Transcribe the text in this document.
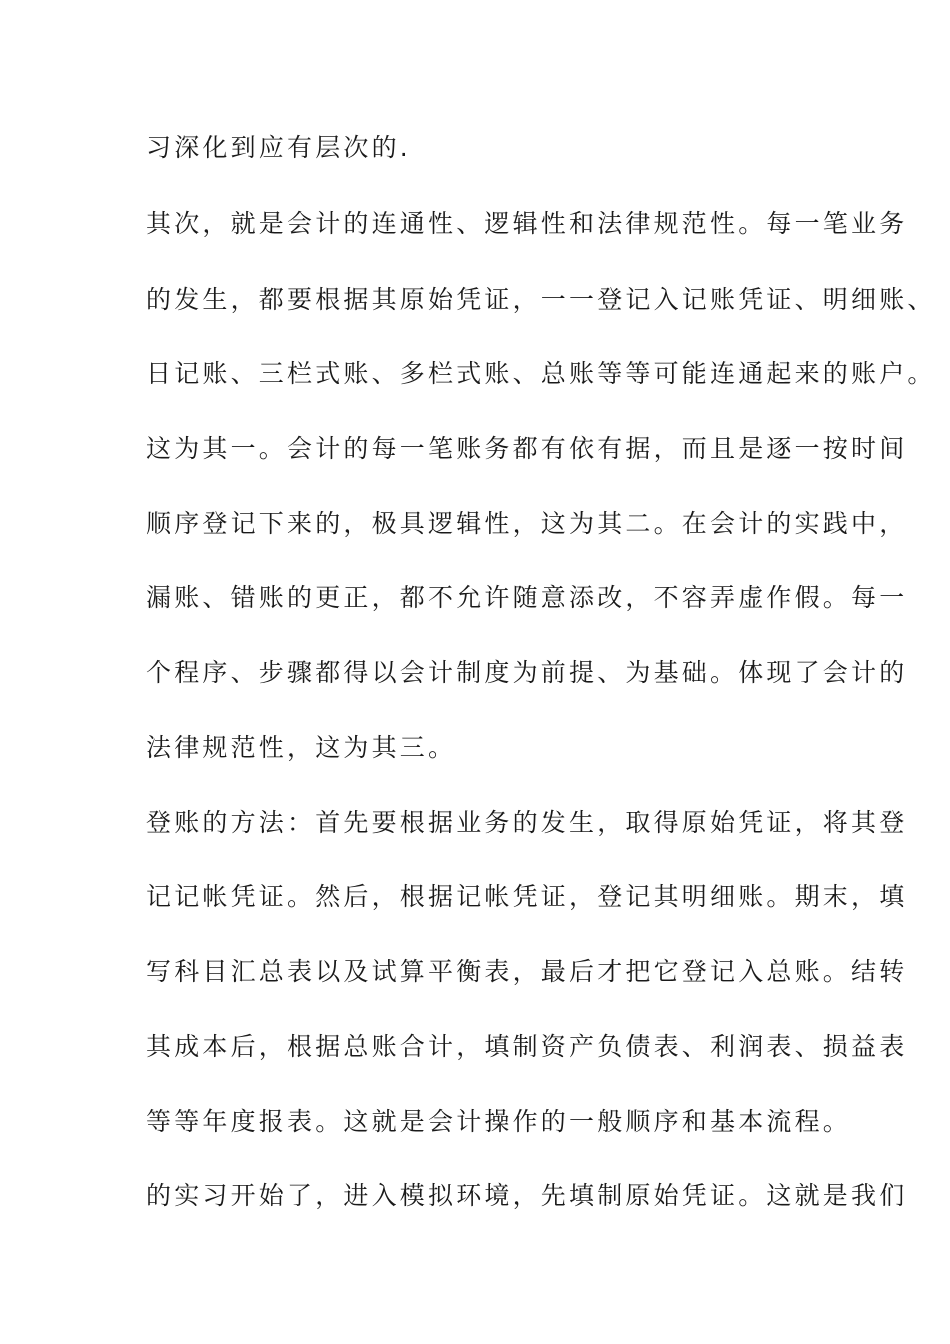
习深化到应有层次的.
其次，就是会计的连通性、逻辑性和法律规范性。每一笔业务
的发生，都要根据其原始凭证，一一登记入记账凭证、明细账、
日记账、三栏式账、多栏式账、总账等等可能连通起来的账户。
这为其一。会计的每一笔账务都有依有据，而且是逐一按时间
顺序登记下来的，极具逻辑性，这为其二。在会计的实践中，
漏账、错账的更正，都不允许随意添改，不容弄虚作假。每一
个程序、步骤都得以会计制度为前提、为基础。体现了会计的
法律规范性，这为其三。
登账的方法：首先要根据业务的发生，取得原始凭证，将其登
记记帐凭证。然后，根据记帐凭证，登记其明细账。期末，填
写科目汇总表以及试算平衡表，最后才把它登记入总账。结转
其成本后，根据总账合计，填制资产负债表、利润表、损益表
等等年度报表。这就是会计操作的一般顺序和基本流程。
的实习开始了，进入模拟环境，先填制原始凭证。这就是我们
